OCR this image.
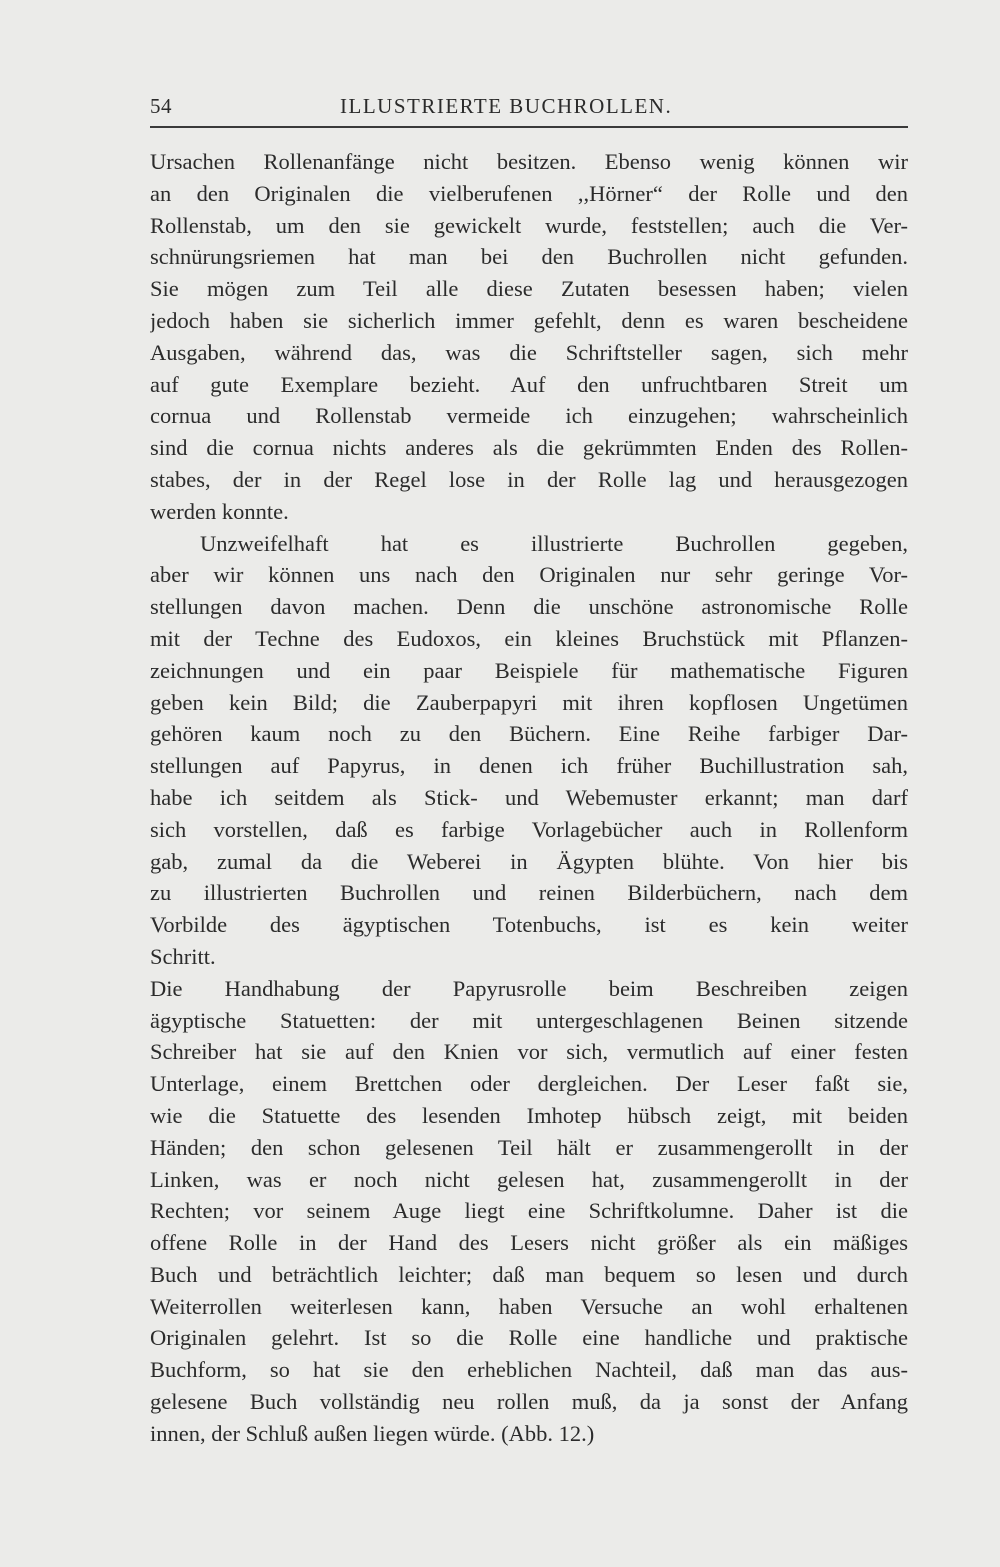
54	ILLUSTRIERTE BUCHROLLEN.
Ursachen Rollenanfänge nicht besitzen. Ebenso wenig können wir
an den Originalen die vielberufenen ,,Hörner“ der Rolle und den
Rollenstab, um den sie gewickelt wurde, feststellen; auch die Ver-
schnürungsriemen hat man bei den Buchrollen nicht gefunden.
Sie mögen zum Teil alle diese Zutaten besessen haben; vielen
jedoch haben sie sicherlich immer gefehlt, denn es waren bescheidene
Ausgaben, während das, was die Schriftsteller sagen, sich mehr
auf gute Exemplare bezieht. Auf den unfruchtbaren Streit um
cornua und Rollenstab vermeide ich einzugehen; wahrscheinlich
sind die cornua nichts anderes als die gekrümmten Enden des Rollen-
stabes, der in der Regel lose in der Rolle lag und herausgezogen
werden konnte.
Unzweifelhaft hat es illustrierte Buchrollen gegeben,
aber wir können uns nach den Originalen nur sehr geringe Vor-
stellungen davon machen. Denn die unschöne astronomische Rolle
mit der Techne des Eudoxos, ein kleines Bruchstück mit Pflanzen-
zeichnungen und ein paar Beispiele für mathematische Figuren
geben kein Bild; die Zauberpapyri mit ihren kopflosen Ungetümen
gehören kaum noch zu den Büchern. Eine Reihe farbiger Dar-
stellungen auf Papyrus, in denen ich früher Buchillustration sah,
habe ich seitdem als Stick- und Webemuster erkannt; man darf
sich vorstellen, daß es farbige Vorlagebücher auch in Rollenform
gab, zumal da die Weberei in Ägypten blühte. Von hier bis
zu illustrierten Buchrollen und reinen Bilderbüchern, nach dem
Vorbilde des ägyptischen Totenbuchs, ist es kein weiter
Schritt.
Die Handhabung der Papyrusrolle beim Beschreiben zeigen
ägyptische Statuetten: der mit untergeschlagenen Beinen sitzende
Schreiber hat sie auf den Knien vor sich, vermutlich auf einer festen
Unterlage, einem Brettchen oder dergleichen. Der Leser faßt sie,
wie die Statuette des lesenden Imhotep hübsch zeigt, mit beiden
Händen; den schon gelesenen Teil hält er zusammengerollt in der
Linken, was er noch nicht gelesen hat, zusammengerollt in der
Rechten; vor seinem Auge liegt eine Schriftkolumne. Daher ist die
offene Rolle in der Hand des Lesers nicht größer als ein mäßiges
Buch und beträchtlich leichter; daß man bequem so lesen und durch
Weiterrollen weiterlesen kann, haben Versuche an wohl erhaltenen
Originalen gelehrt. Ist so die Rolle eine handliche und praktische
Buchform, so hat sie den erheblichen Nachteil, daß man das aus-
gelesene Buch vollständig neu rollen muß, da ja sonst der Anfang
innen, der Schluß außen liegen würde. (Abb. 12.)
